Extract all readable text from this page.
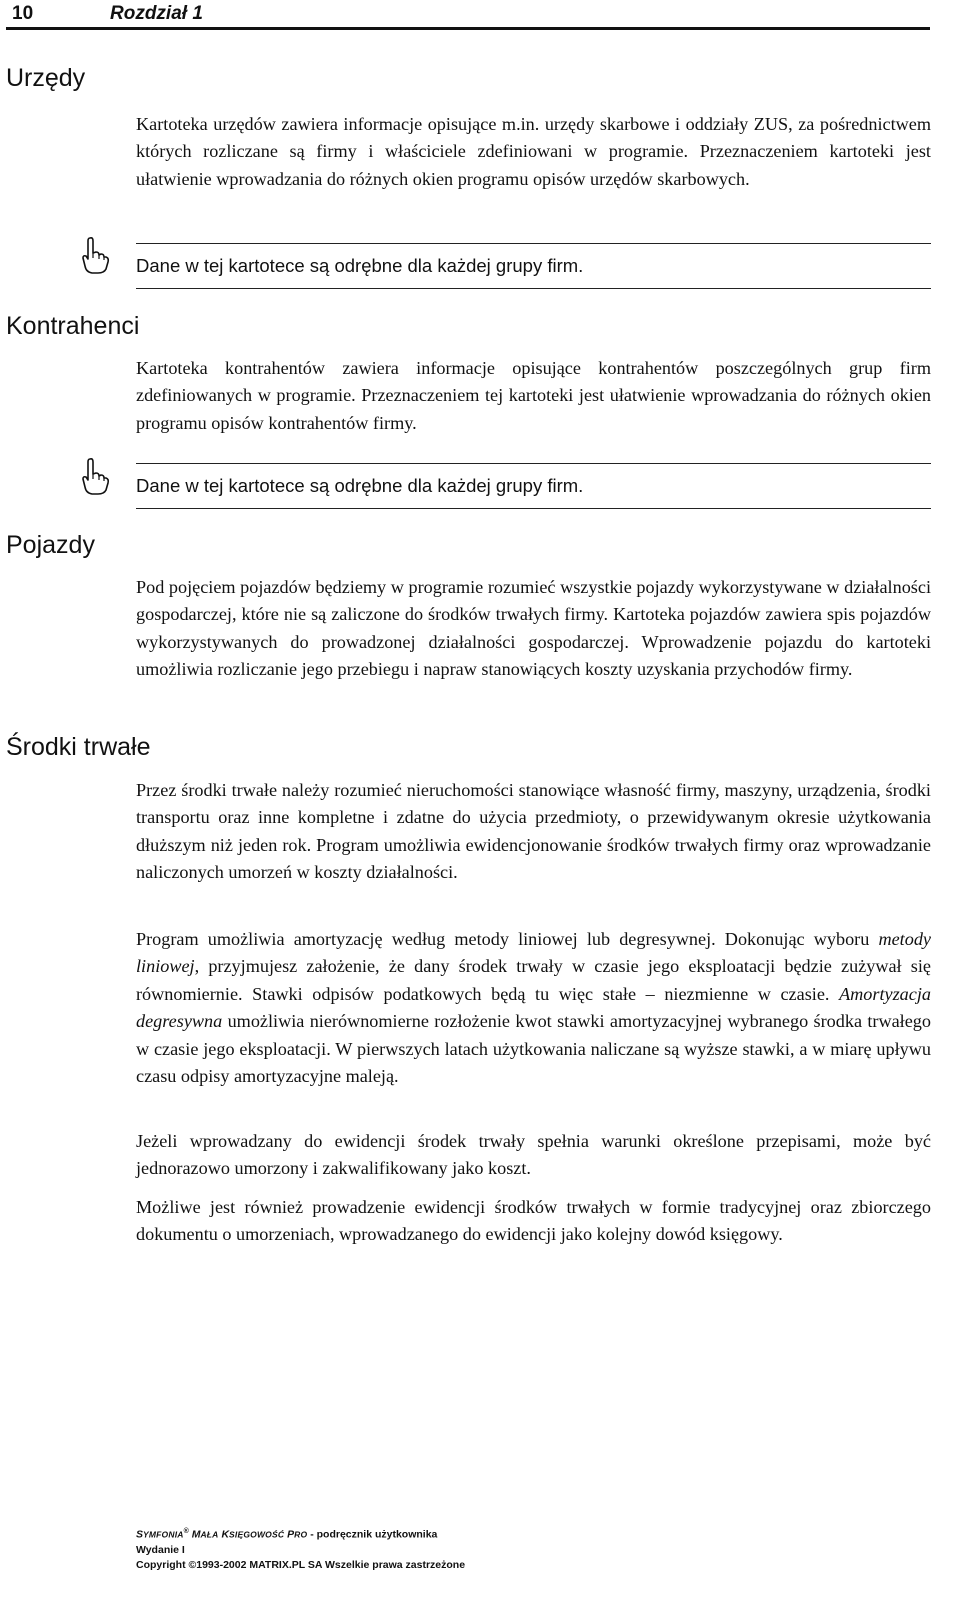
10	Rozdział 1
Urzędy

Kartoteka urzędów zawiera informacje opisujące m.in. urzędy skarbowe i oddziały ZUS, za pośrednictwem których rozliczane są firmy i właściciele zdefiniowani w programie. Przeznaczeniem kartoteki jest ułatwienie wprowadzania do różnych okien programu opisów urzędów skarbowych.

Dane w tej kartotece są odrębne dla każdej grupy firm.
Kontrahenci

Kartoteka kontrahentów zawiera informacje opisujące kontrahentów poszczególnych grup firm zdefiniowanych w programie. Przeznaczeniem tej kartoteki jest ułatwienie wprowadzania do różnych okien programu opisów kontrahentów firmy.

Dane w tej kartotece są odrębne dla każdej grupy firm.
Pojazdy

Pod pojęciem pojazdów będziemy w programie rozumieć wszystkie pojazdy wykorzystywane w działalności gospodarczej, które nie są zaliczone do środków trwałych firmy. Kartoteka pojazdów zawiera spis pojazdów wykorzystywanych do prowadzonej działalności gospodarczej. Wprowadzenie pojazdu do kartoteki umożliwia rozliczanie jego przebiegu i napraw stanowiących koszty uzyskania przychodów firmy.

Środki trwałe

Przez środki trwałe należy rozumieć nieruchomości stanowiące własność firmy, maszyny, urządzenia, środki transportu oraz inne kompletne i zdatne do użycia przedmioty, o przewidywanym okresie użytkowania dłuższym niż jeden rok. Program umożliwia ewidencjonowanie środków trwałych firmy oraz wprowadzanie naliczonych umorzeń w koszty działalności.

Program umożliwia amortyzację według metody liniowej lub degresywnej. Dokonując wyboru metody liniowej, przyjmujesz założenie, że dany środek trwały w czasie jego eksploatacji będzie zużywał się równomiernie. Stawki odpisów podatkowych będą tu więc stałe – niezmienne w czasie. Amortyzacja degresywna umożliwia nierównomierne rozłożenie kwot stawki amortyzacyjnej wybranego środka trwałego w czasie jego eksploatacji. W pierwszych latach użytkowania naliczane są wyższe stawki, a w miarę upływu czasu odpisy amortyzacyjne maleją.

Jeżeli wprowadzany do ewidencji środek trwały spełnia warunki określone przepisami, może być jednorazowo umorzony i zakwalifikowany jako koszt.

Możliwe jest również prowadzenie ewidencji środków trwałych w formie tradycyjnej oraz zbiorczego dokumentu o umorzeniach, wprowadzanego do ewidencji jako kolejny dowód księgowy.

SYMFONIA® MAŁA KSIĘGOWOŚĆ PRO - podręcznik użytkownika
Wydanie I
Copyright ©1993-2002 MATRIX.PL SA Wszelkie prawa zastrzeżone
